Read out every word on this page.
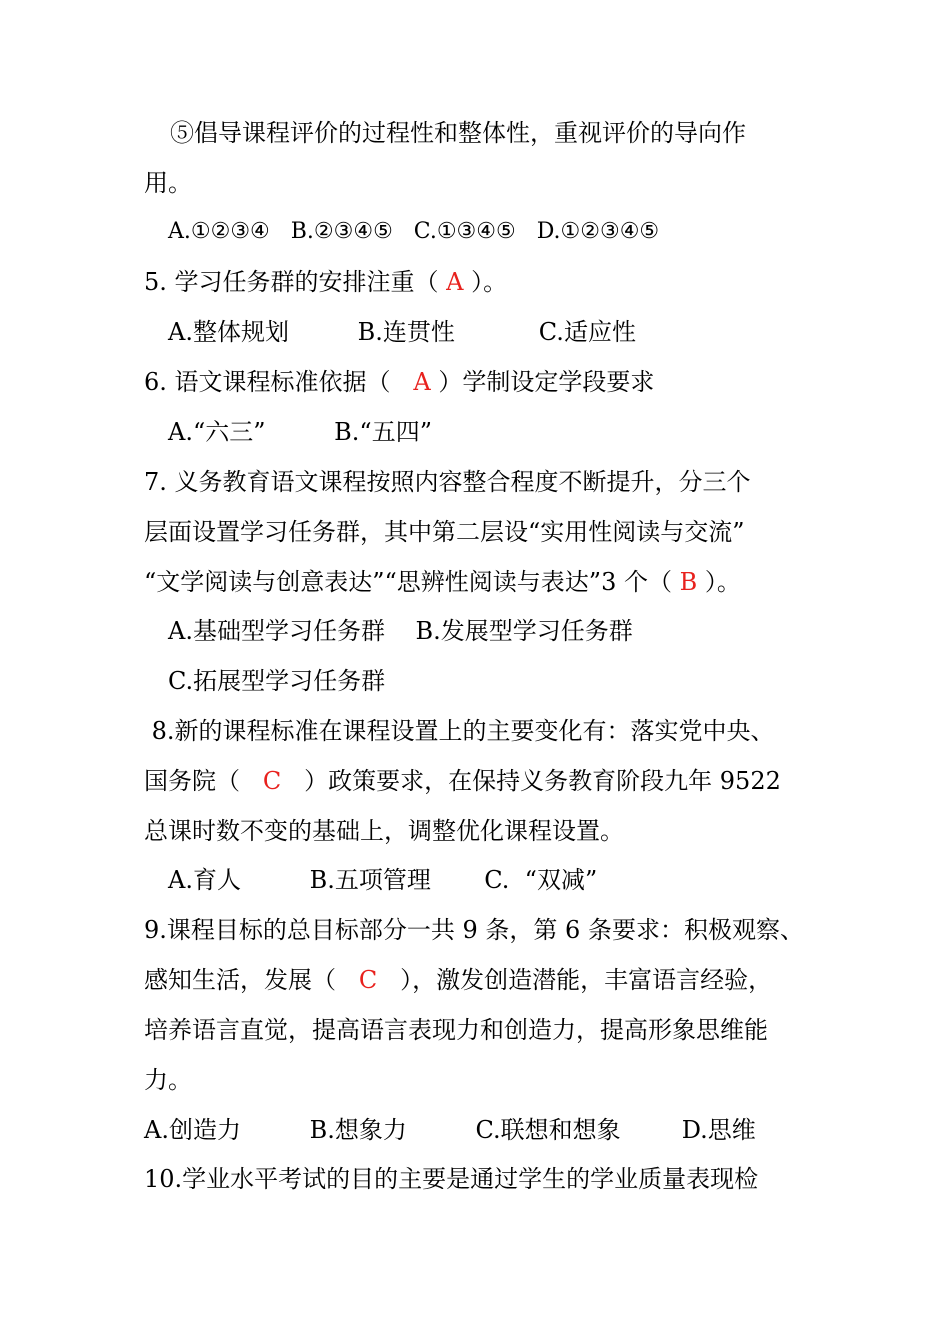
⑤倡导课程评价的过程性和整体性，重视评价的导向作
用。
A.①②③④   B.②③④⑤   C.①③④⑤   D.①②③④⑤
5. 学习任务群的安排注重（ A ）。
A.整体规划         B.连贯性           C.适应性
6. 语文课程标准依据（   A ）学制设定学段要求
A.“六三”         B.“五四”
7. 义务教育语文课程按照内容整合程度不断提升，分三个
层面设置学习任务群，其中第二层设“实用性阅读与交流”
“文学阅读与创意表达”“思辨性阅读与表达”3 个（ B ）。
A.基础型学习任务群    B.发展型学习任务群
C.拓展型学习任务群
8.新的课程标准在课程设置上的主要变化有：落实党中央、
国务院（   C   ）政策要求，在保持义务教育阶段九年 9522
总课时数不变的基础上，调整优化课程设置。
A.育人         B.五项管理       C.  “双减”
9.课程目标的总目标部分一共 9 条，第 6 条要求：积极观察、
感知生活，发展（   C   ），激发创造潜能，丰富语言经验，
培养语言直觉，提高语言表现力和创造力，提高形象思维能
力。
A.创造力         B.想象力         C.联想和想象        D.思维
10.学业水平考试的目的主要是通过学生的学业质量表现检
